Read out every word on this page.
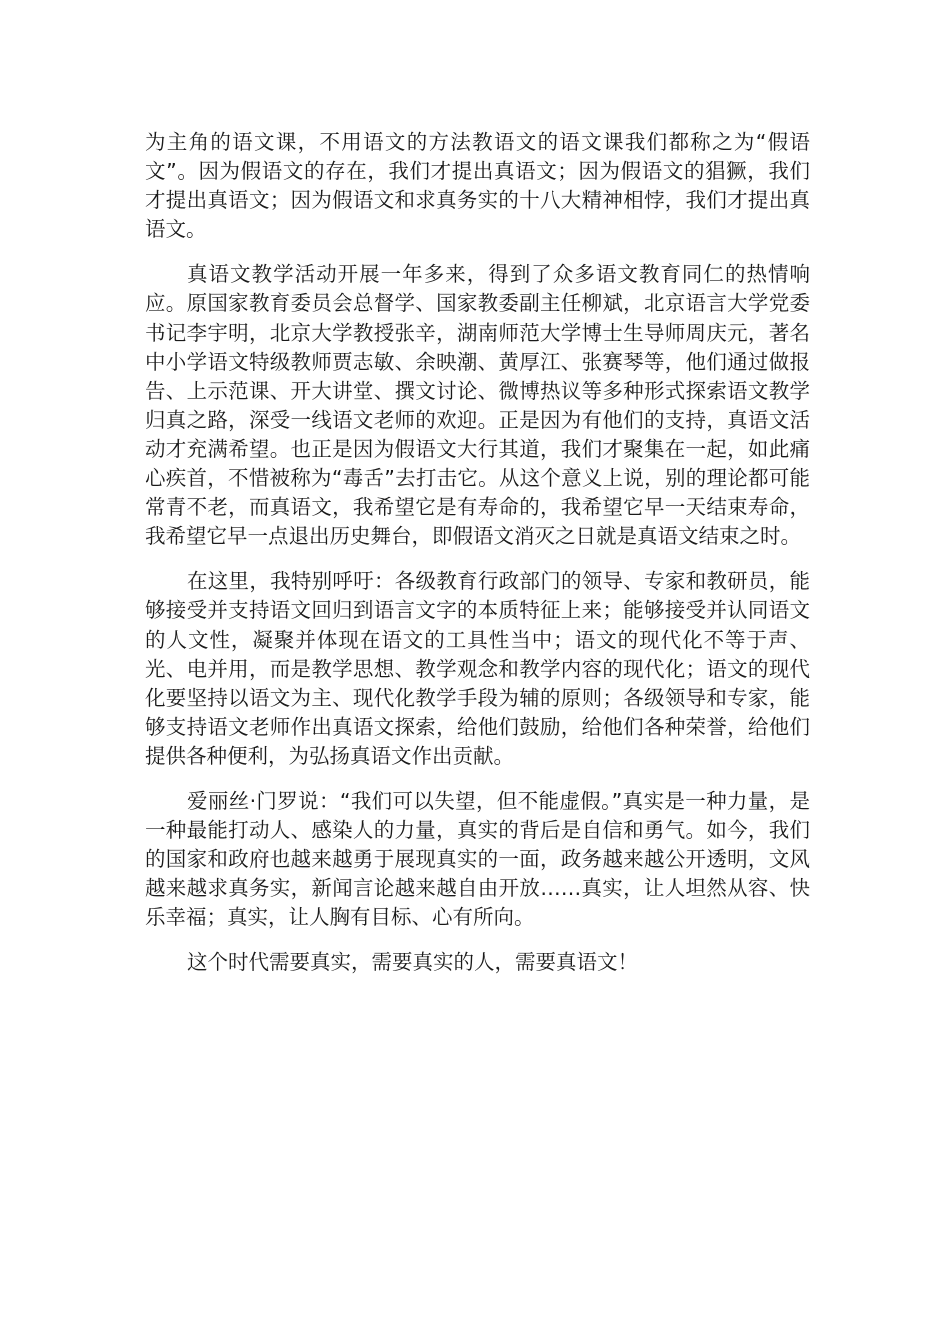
为主角的语文课，不用语文的方法教语文的语文课我们都称之为“假语文”。因为假语文的存在，我们才提出真语文；因为假语文的猖獗，我们才提出真语文；因为假语文和求真务实的十八大精神相悖，我们才提出真语文。

真语文教学活动开展一年多来，得到了众多语文教育同仁的热情响应。原国家教育委员会总督学、国家教委副主任柳斌，北京语言大学党委书记李宇明，北京大学教授张辛，湖南师范大学博士生导师周庆元，著名中小学语文特级教师贾志敏、余映潮、黄厚江、张赛琴等，他们通过做报告、上示范课、开大讲堂、撰文讨论、微博热议等多种形式探索语文教学归真之路，深受一线语文老师的欢迎。正是因为有他们的支持，真语文活动才充满希望。也正是因为假语文大行其道，我们才聚集在一起，如此痛心疾首，不惜被称为“毒舌”去打击它。从这个意义上说，别的理论都可能常青不老，而真语文，我希望它是有寿命的，我希望它早一天结束寿命，我希望它早一点退出历史舞台，即假语文消灭之日就是真语文结束之时。

在这里，我特别呼吁：各级教育行政部门的领导、专家和教研员，能够接受并支持语文回归到语言文字的本质特征上来；能够接受并认同语文的人文性，凝聚并体现在语文的工具性当中；语文的现代化不等于声、光、电并用，而是教学思想、教学观念和教学内容的现代化；语文的现代化要坚持以语文为主、现代化教学手段为辅的原则；各级领导和专家，能够支持语文老师作出真语文探索，给他们鼓励，给他们各种荣誉，给他们提供各种便利，为弘扬真语文作出贡献。

爱丽丝·门罗说：“我们可以失望，但不能虚假。”真实是一种力量，是一种最能打动人、感染人的力量，真实的背后是自信和勇气。如今，我们的国家和政府也越来越勇于展现真实的一面，政务越来越公开透明，文风越来越求真务实，新闻言论越来越自由开放……真实，让人坦然从容、快乐幸福；真实，让人胸有目标、心有所向。

这个时代需要真实，需要真实的人，需要真语文！
